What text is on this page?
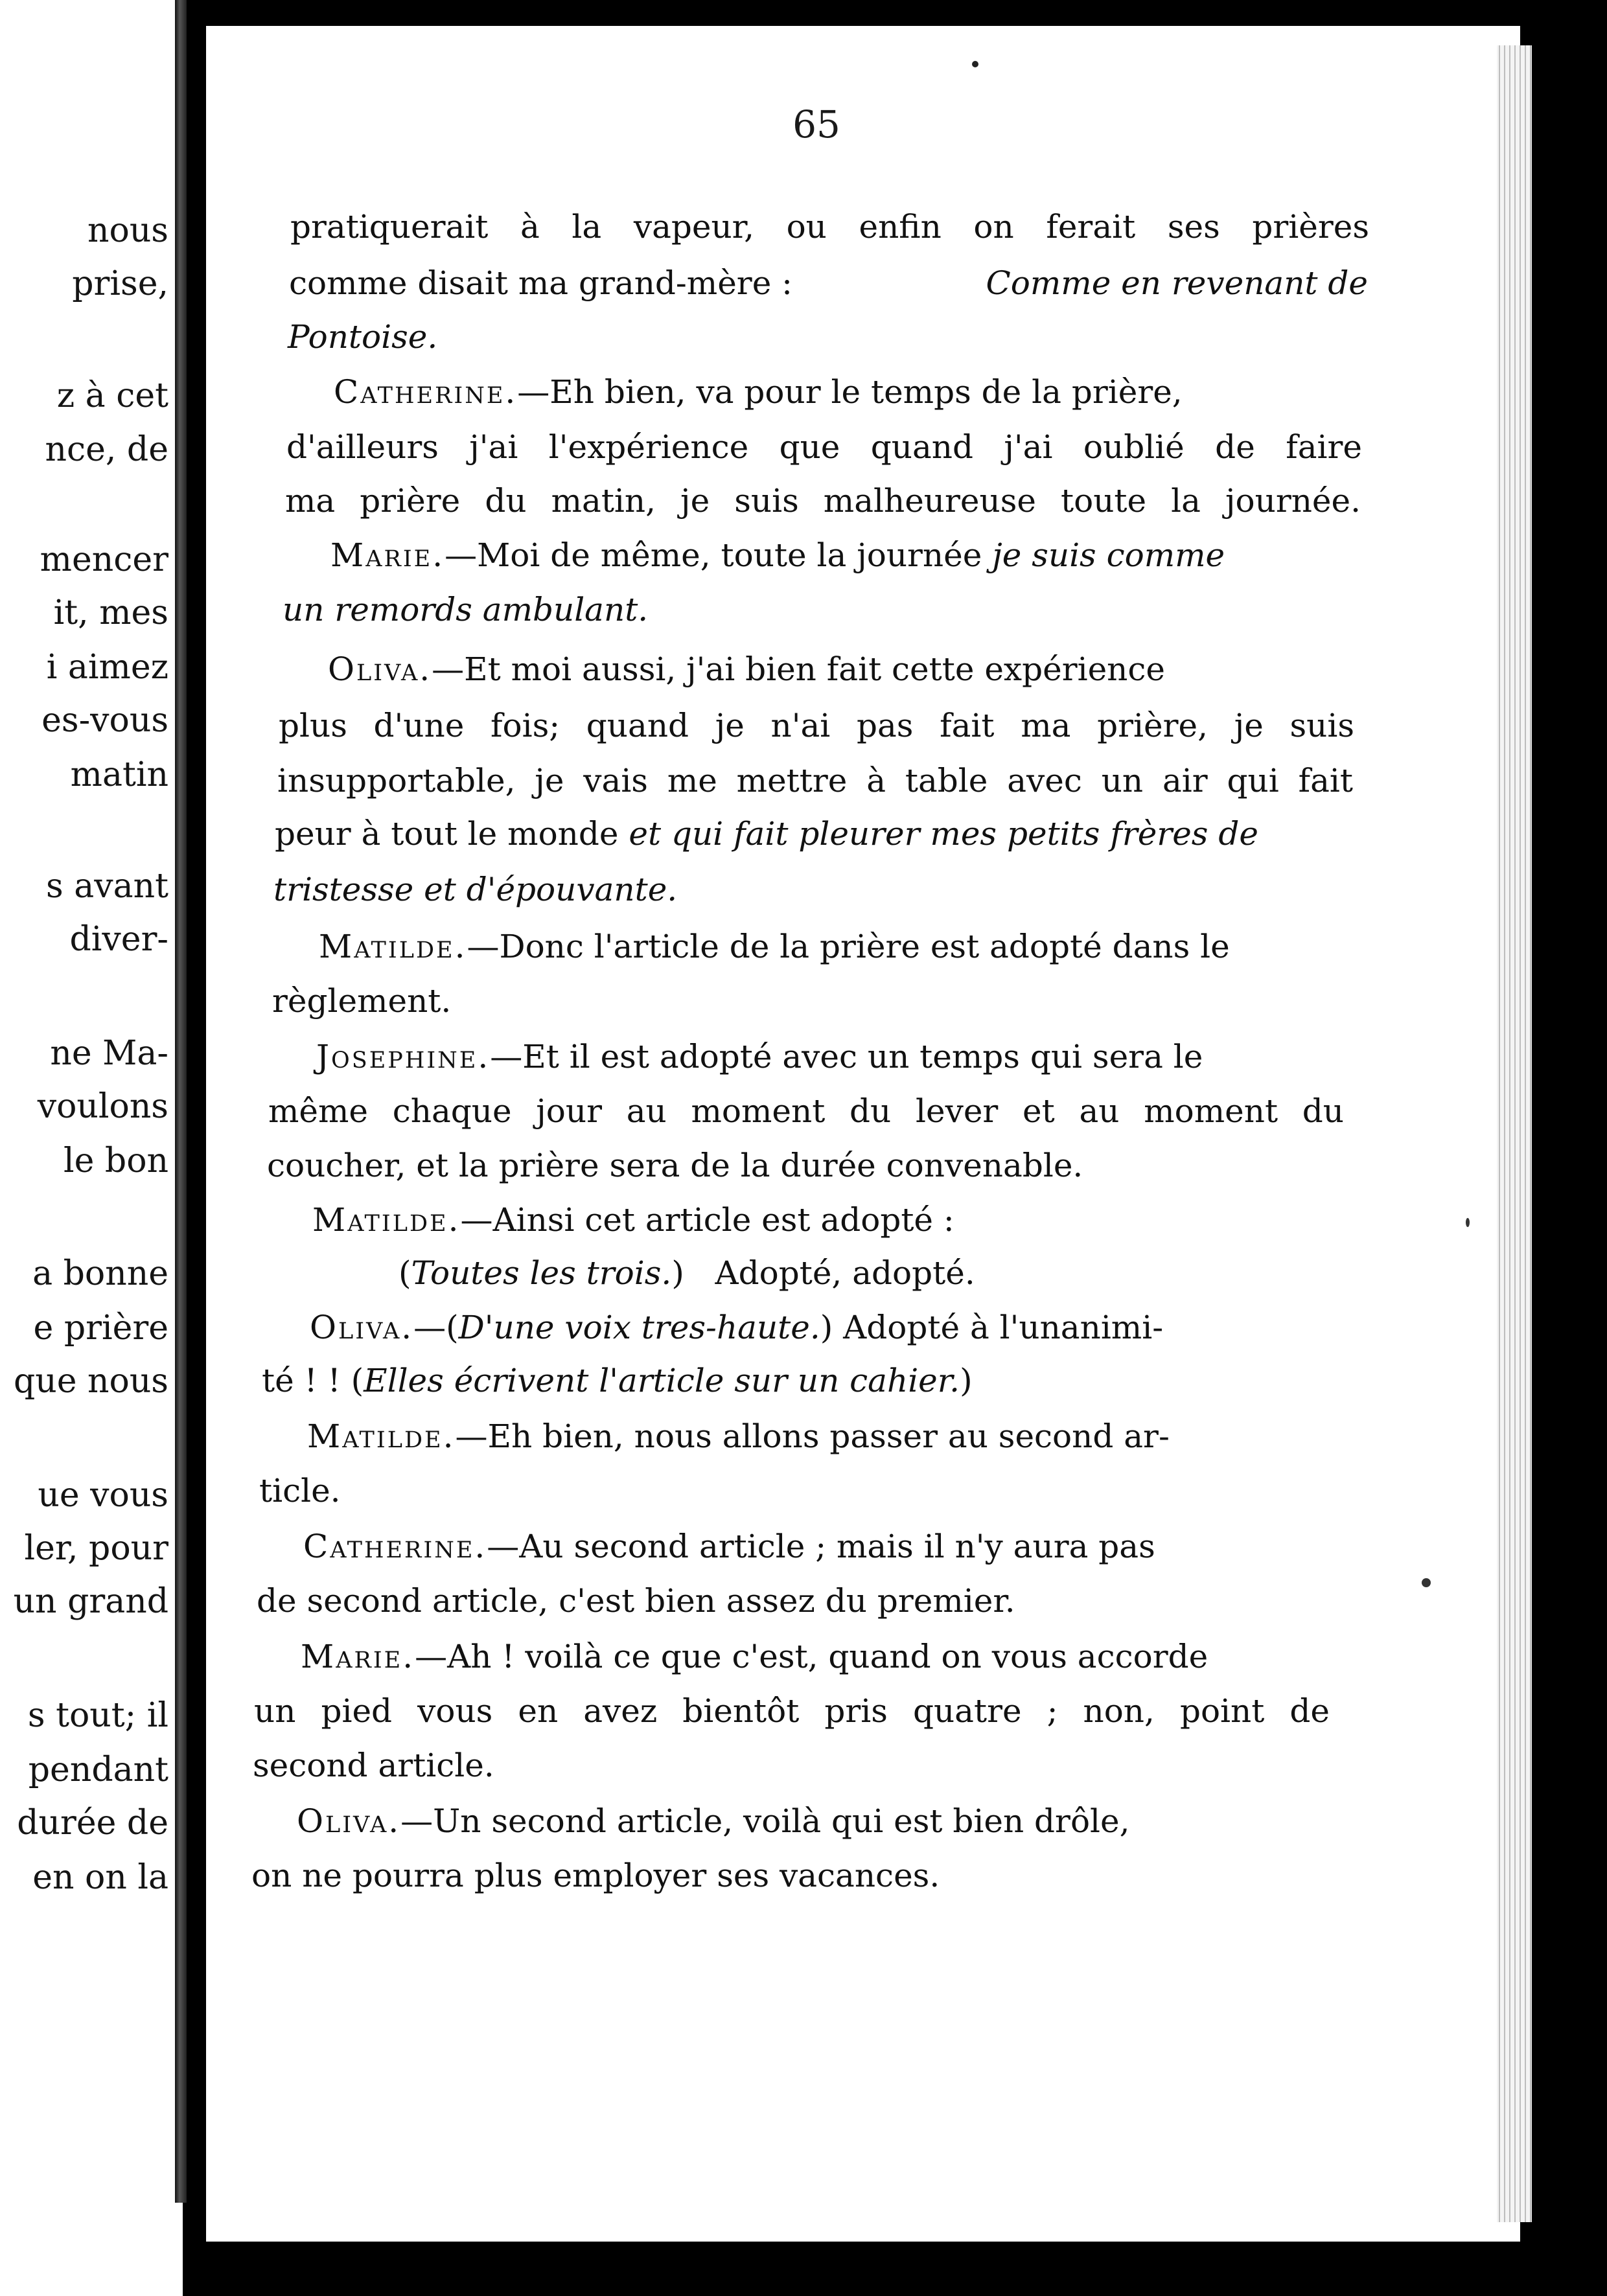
nous
prise,
z à cet
nce, de
mencer
it, mes
i aimez
es-vous
matin
s avant
diver-
ne Ma-
voulons
le bon
a bonne
e prière
que nous
ue vous
ler, pour
un grand
s tout; il
pendant
durée de
en on la
65
pratiquerait à la vapeur, ou enfin on ferait ses prières
comme disait ma grand-mère :	Comme en revenant de
Pontoise.
Catherine.—Eh bien, va pour le temps de la prière,
d'ailleurs j'ai l'expérience que quand j'ai oublié de faire
ma prière du matin, je suis malheureuse toute la journée.
Marie.—Moi de même, toute la journée je suis comme
un remords ambulant.
Oliva.—Et moi aussi, j'ai bien fait cette expérience
plus d'une fois; quand je n'ai pas fait ma prière, je suis
insupportable, je vais me mettre à table avec un air qui fait
peur à tout le monde et qui fait pleurer mes petits frères de
tristesse et d'épouvante.
Matilde.—Donc l'article de la prière est adopté dans le
règlement.
Josephine.—Et il est adopté avec un temps qui sera le
même chaque jour au moment du lever et au moment du
coucher, et la prière sera de la durée convenable.
Matilde.—Ainsi cet article est adopté :
(Toutes les trois.) Adopté, adopté.
Oliva.—(D'une voix tres-haute.) Adopté à l'unanimi-
té ! ! (Elles écrivent l'article sur un cahier.)
Matilde.—Eh bien, nous allons passer au second ar-
ticle.
Catherine.—Au second article ; mais il n'y aura pas
de second article, c'est bien assez du premier.
Marie.—Ah ! voilà ce que c'est, quand on vous accorde
un pied vous en avez bientôt pris quatre ; non, point de
second article.
Oliva.—Un second article, voilà qui est bien drôle,
on ne pourra plus employer ses vacances.
